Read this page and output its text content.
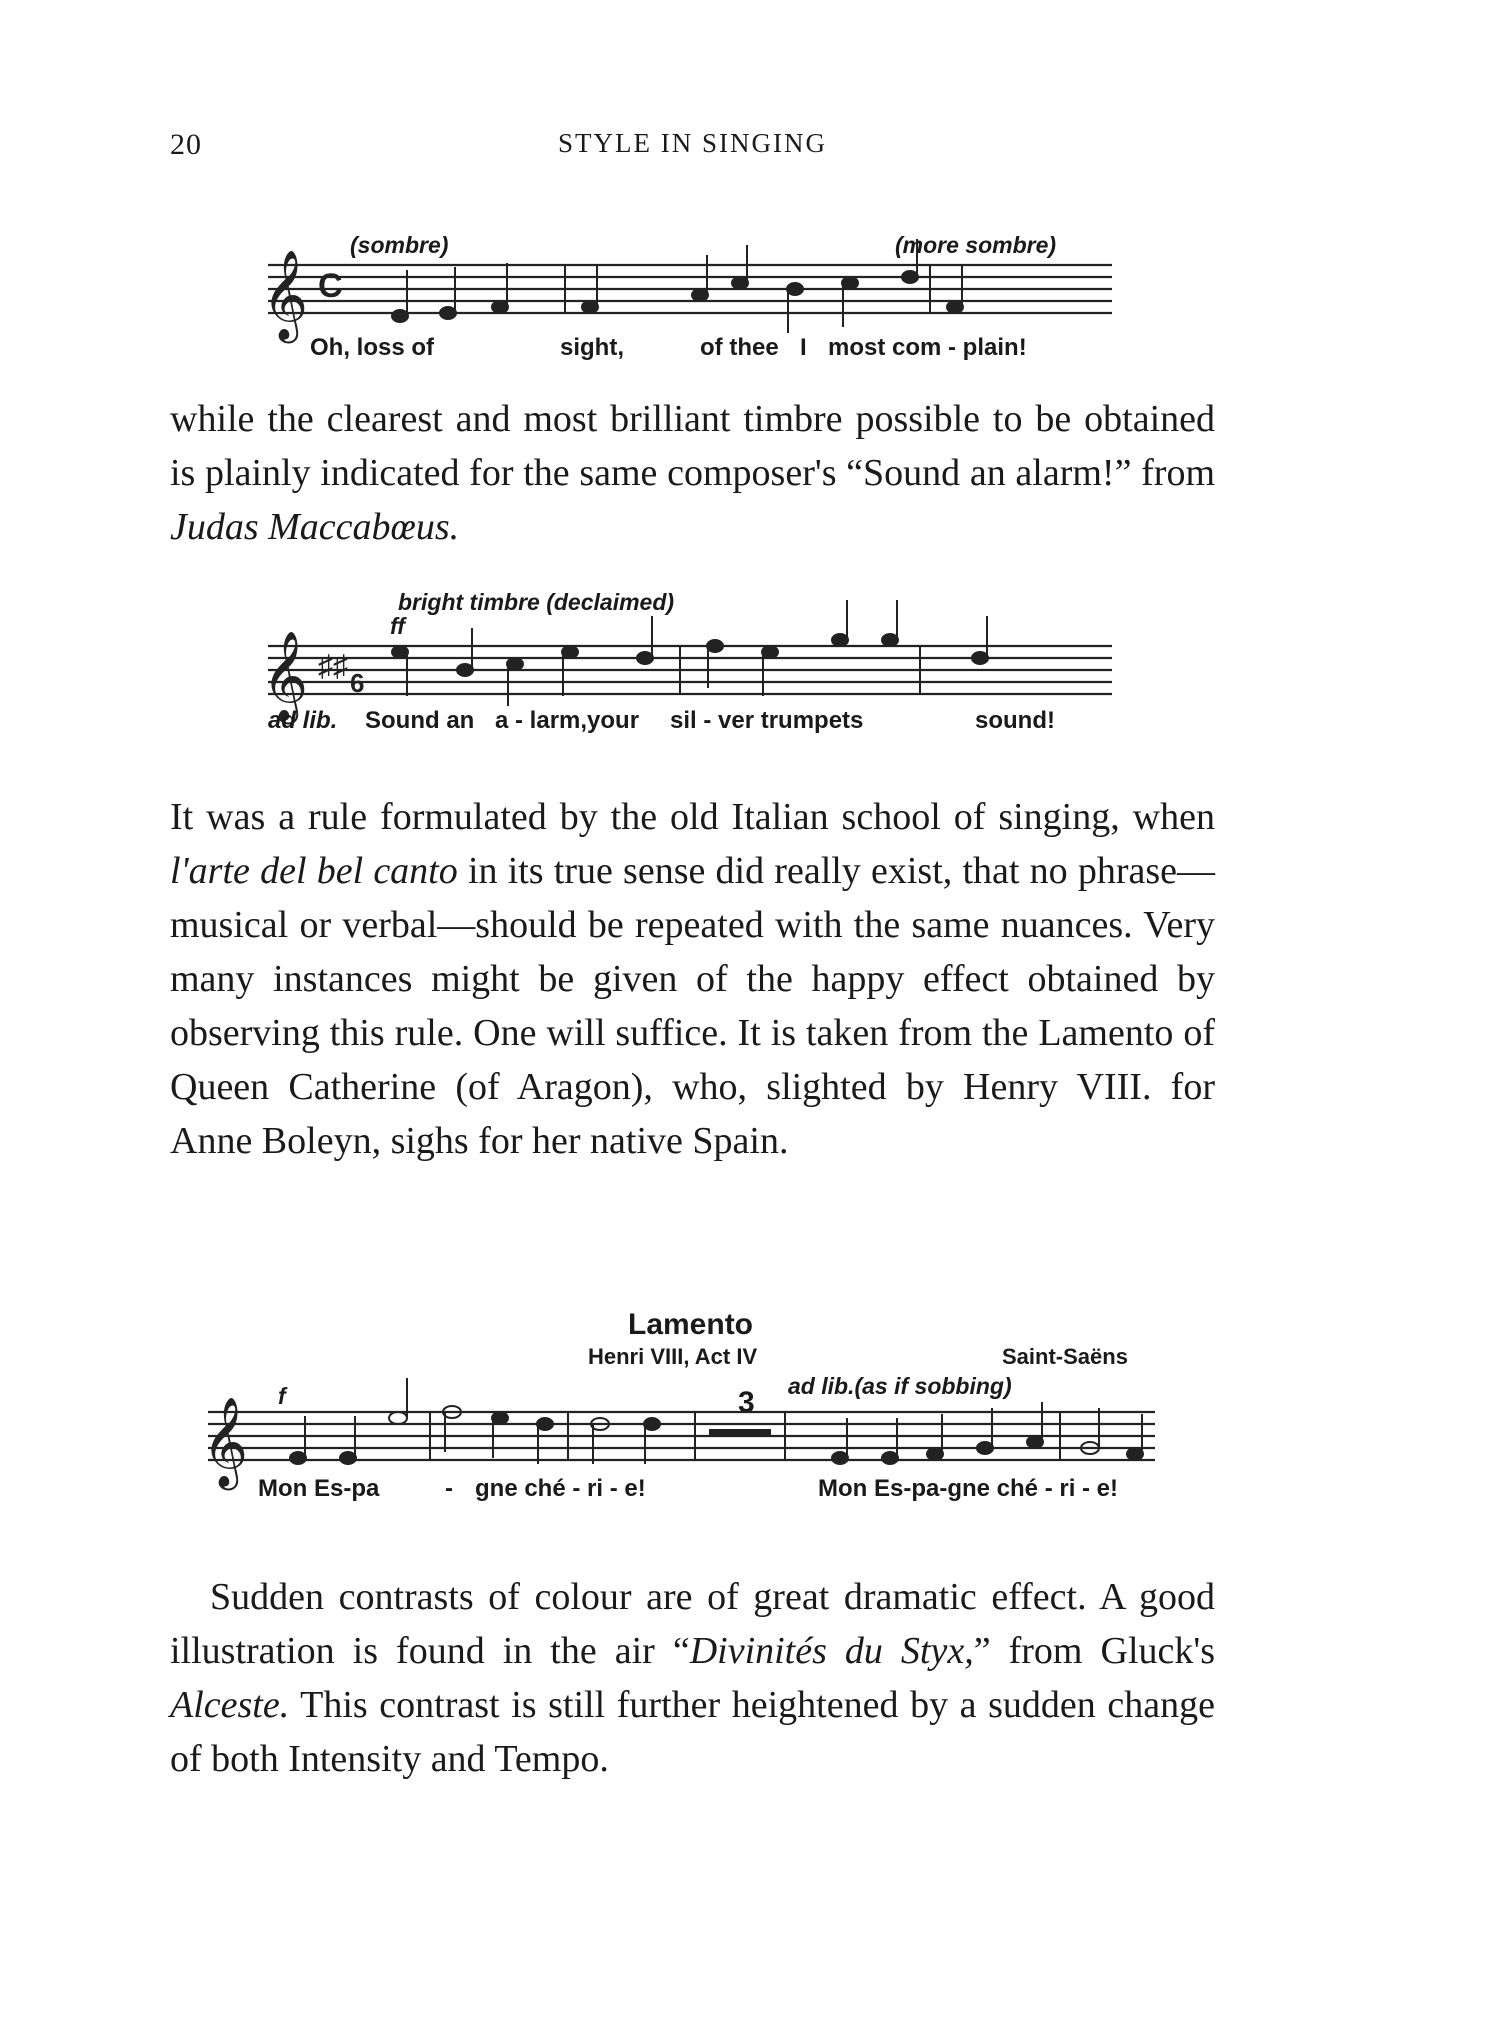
20	STYLE IN SINGING
(sombre)	(more sombre)
𝄞 C
Oh, loss of	sight,	of thee I most com - plain!

while the clearest and most brilliant timbre possible to be obtained is plainly indicated for the same composer's “Sound an alarm!” from Judas Maccabœus.

bright timbre (declaimed)
ff
𝄞 ♯♯ 6
ad lib. Sound an a - larm,your sil - ver trumpets	sound!

It was a rule formulated by the old Italian school of singing, when l'arte del bel canto in its true sense did really exist, that no phrase—musical or verbal—should be repeated with the same nuances. Very many instances might be given of the happy effect obtained by observing this rule. One will suffice. It is taken from the Lamento of Queen Catherine (of Aragon), who, slighted by Henry VIII. for Anne Boleyn, sighs for her native Spain.

Lamento
Henri VIII, Act IV	Saint-Saëns
f	3 ad lib.(as if sobbing)
𝄞
Mon Es-pa	- gne ché - ri - e!	Mon Es-pa-gne ché - ri - e!

Sudden contrasts of colour are of great dramatic effect. A good illustration is found in the air “Divinités du Styx,” from Gluck's Alceste. This contrast is still further heightened by a sudden change of both Intensity and Tempo.
